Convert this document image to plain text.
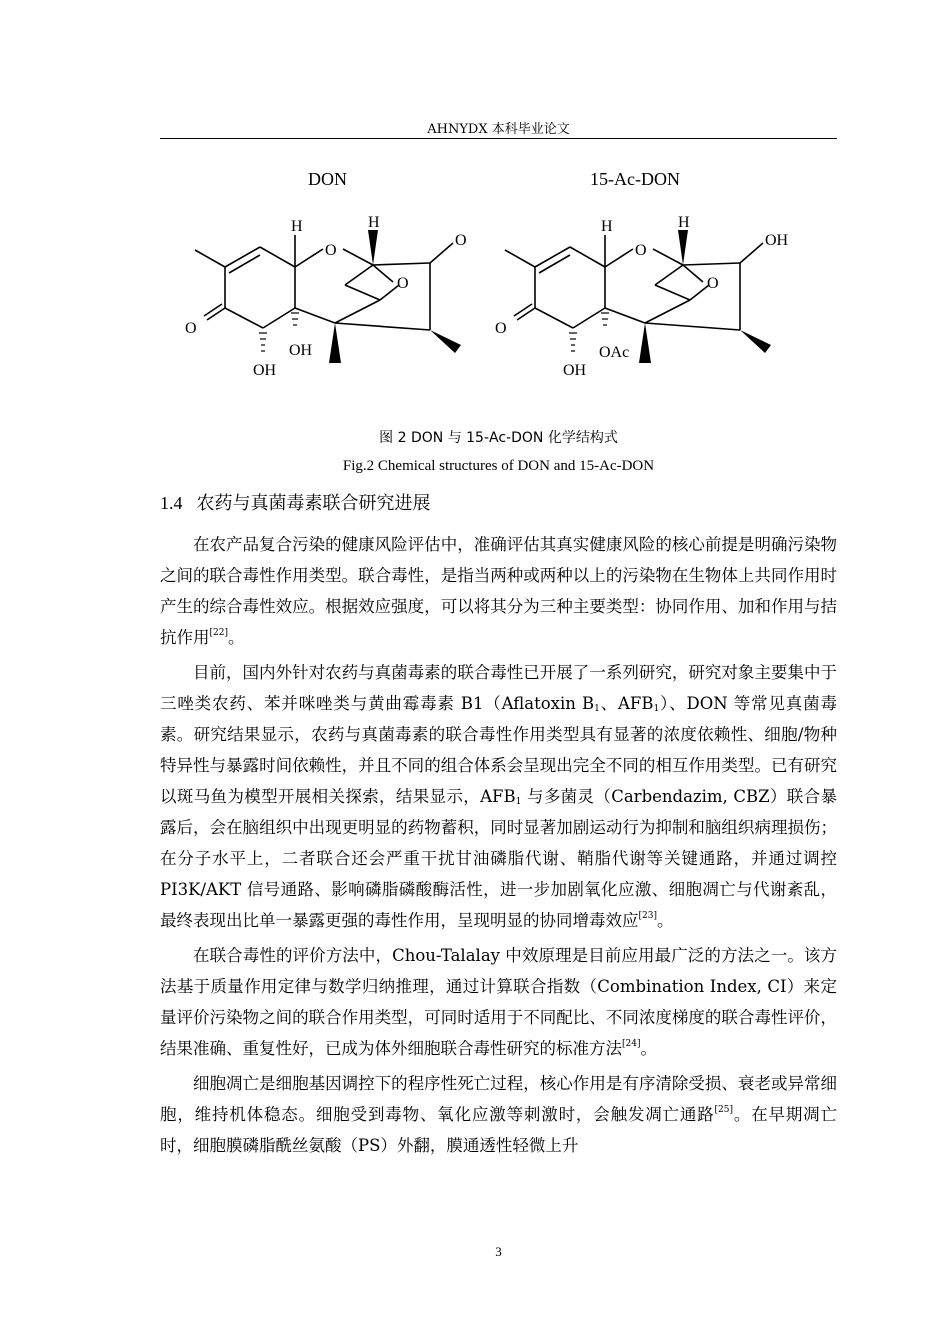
AHNYDX 本科毕业论文
DON	15-Ac-DON
H	H
O
O
O
O
OH
OH
H	H
O
O
OH
O
OAc
OH
图 2 DON 与 15-Ac-DON 化学结构式
Fig.2 Chemical structures of DON and 15-Ac-DON
1.4 农药与真菌毒素联合研究进展

在农产品复合污染的健康风险评估中，准确评估其真实健康风险的核心前提是明确污染物之间的联合毒性作用类型。联合毒性，是指当两种或两种以上的污染物在生物体上共同作用时产生的综合毒性效应。根据效应强度，可以将其分为三种主要类型：协同作用、加和作用与拮抗作用[22]。

目前，国内外针对农药与真菌毒素的联合毒性已开展了一系列研究，研究对象主要集中于三唑类农药、苯并咪唑类与黄曲霉毒素 B1（Aflatoxin $B_1$、$AFB_1$）、DON 等常见真菌毒素。研究结果显示，农药与真菌毒素的联合毒性作用类型具有显著的浓度依赖性、细胞/物种特异性与暴露时间依赖性，并且不同的组合体系会呈现出完全不同的相互作用类型。已有研究以斑马鱼为模型开展相关探索，结果显示，$AFB_1$ 与多菌灵（Carbendazim, CBZ）联合暴露后，会在脑组织中出现更明显的药物蓄积，同时显著加剧运动行为抑制和脑组织病理损伤；在分子水平上，二者联合还会严重干扰甘油磷脂代谢、鞘脂代谢等关键通路，并通过调控 PI3K/AKT 信号通路、影响磷脂磷酸酶活性，进一步加剧氧化应激、细胞凋亡与代谢紊乱，最终表现出比单一暴露更强的毒性作用，呈现明显的协同增毒效应[23]。

在联合毒性的评价方法中，Chou-Talalay 中效原理是目前应用最广泛的方法之一。该方法基于质量作用定律与数学归纳推理，通过计算联合指数（Combination Index, CI）来定量评价污染物之间的联合作用类型，可同时适用于不同配比、不同浓度梯度的联合毒性评价，结果准确、重复性好，已成为体外细胞联合毒性研究的标准方法[24]。

细胞凋亡是细胞基因调控下的程序性死亡过程，核心作用是有序清除受损、衰老或异常细胞，维持机体稳态。细胞受到毒物、氧化应激等刺激时，会触发凋亡通路[25]。在早期凋亡时，细胞膜磷脂酰丝氨酸（PS）外翻，膜通透性轻微上升

3
